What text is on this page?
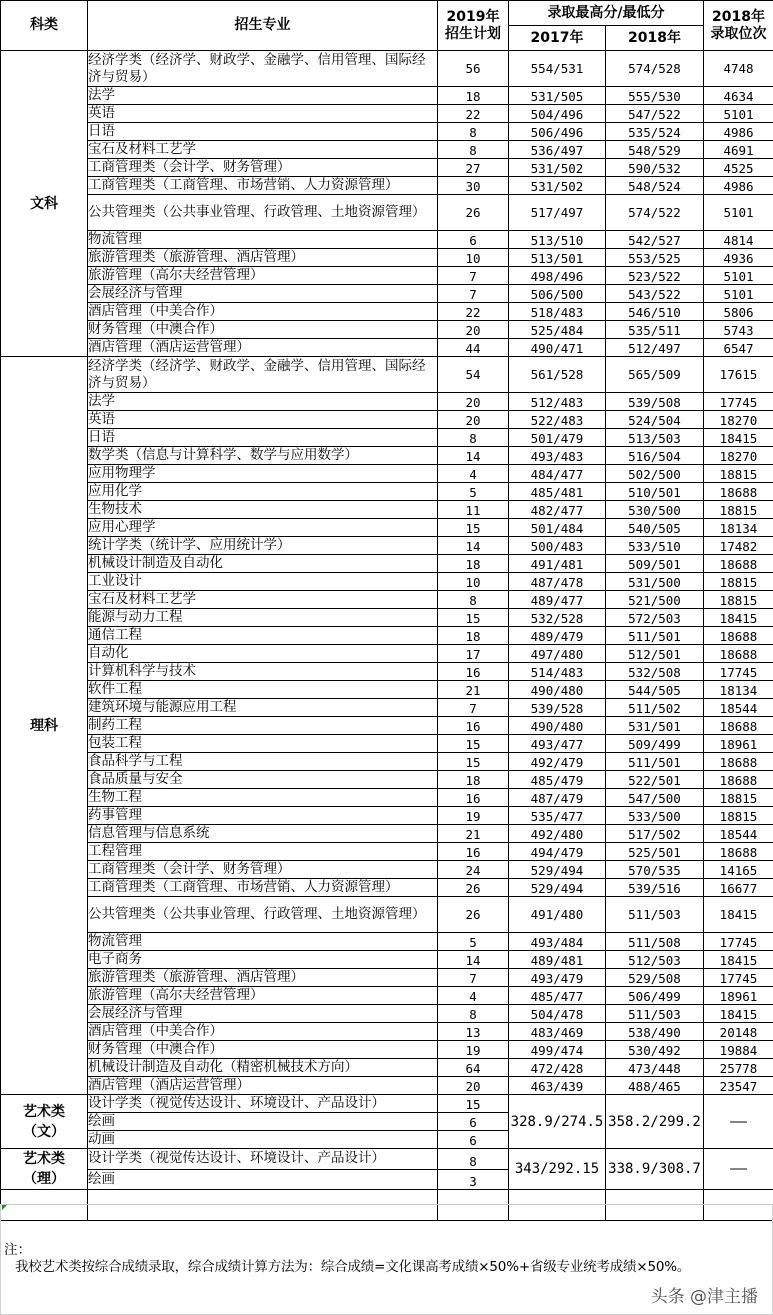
科类	招生专业	
2019年
招生计划
	录取最高分/最低分	2018年
录取位次

			2017年	2018年	
文科	经济学类（经济学、财政学、金融学、信用管理、国际经济与贸易）	56	554/531	574/528	4748
	法学	18	531/505	555/530	4634
	英语	22	504/496	547/522	5101
	日语	8	506/496	535/524	4986
	宝石及材料工艺学	8	536/497	548/529	4691
	工商管理类（会计学、财务管理）	27	531/502	590/532	4525
	工商管理类（工商管理、市场营销、人力资源管理）	30	531/502	548/524	4986
	公共管理类（公共事业管理、行政管理、土地资源管理）	26	517/497	574/522	5101
	物流管理	6	513/510	542/527	4814
	旅游管理类（旅游管理、酒店管理）	10	513/501	553/525	4936
	旅游管理（高尔夫经营管理）	7	498/496	523/522	5101
	会展经济与管理	7	506/500	543/522	5101
	酒店管理（中美合作）	22	518/483	546/510	5806
	财务管理（中澳合作）	20	525/484	535/511	5743
	酒店管理（酒店运营管理）	44	490/471	512/497	6547
理科	经济学类（经济学、财政学、金融学、信用管理、国际经济与贸易）	54	561/528	565/509	17615
	法学	20	512/483	539/508	17745
	英语	20	522/483	524/504	18270
	日语	8	501/479	513/503	18415
	数学类（信息与计算科学、数学与应用数学）	14	493/483	516/504	18270
	应用物理学	4	484/477	502/500	18815
	应用化学	5	485/481	510/501	18688
	生物技术	11	482/477	530/500	18815
	应用心理学	15	501/484	540/505	18134
	统计学类（统计学、应用统计学）	14	500/483	533/510	17482
	机械设计制造及自动化	18	491/481	509/501	18688
	工业设计	10	487/478	531/500	18815
	宝石及材料工艺学	8	489/477	521/500	18815
	能源与动力工程	15	532/528	572/503	18415
	通信工程	18	489/479	511/501	18688
	自动化	17	497/480	512/501	18688
	计算机科学与技术	16	514/483	532/508	17745
	软件工程	21	490/480	544/505	18134
	建筑环境与能源应用工程	7	539/528	511/502	18544
	制药工程	16	490/480	531/501	18688
	包装工程	15	493/477	509/499	18961
	食品科学与工程	15	492/479	511/501	18688
	食品质量与安全	18	485/479	522/501	18688
	生物工程	16	487/479	547/500	18815
	药事管理	19	535/477	533/500	18815
	信息管理与信息系统	21	492/480	517/502	18544
	工程管理	16	494/479	525/501	18688
	工商管理类（会计学、财务管理）	24	529/494	570/535	14165
	工商管理类（工商管理、市场营销、人力资源管理）	26	529/494	539/516	16677
	公共管理类（公共事业管理、行政管理、土地资源管理）	26	491/480	511/503	18415
	物流管理	5	493/484	511/508	17745
	电子商务	14	489/481	512/503	18415
	旅游管理类（旅游管理、酒店管理）	7	493/479	529/508	17745
	旅游管理（高尔夫经营管理）	4	485/477	506/499	18961
	会展经济与管理	8	504/478	511/503	18415
	酒店管理（中美合作）	13	483/469	538/490	20148
	财务管理（中澳合作）	19	499/474	530/492	19884
	机械设计制造及自动化（精密机械技术方向）	64	472/428	473/448	25778
	酒店管理（酒店运营管理）	20	463/439	488/465	23547

艺术类
（文）	设计学类（视觉传达设计、环境设计、产品设计）	15	328.9/274.5	358.2/299.2	——
	绘画	6			
	动画	6			

艺术类
（理）	设计学类（视觉传达设计、环境设计、产品设计）	8	343/292.15	338.9/308.7	——
	绘画	3			

注：
我校艺术类按综合成绩录取，综合成绩计算方法为：综合成绩=文化课高考成绩×50%+省级专业统考成绩×50%。
头条 @津主播
